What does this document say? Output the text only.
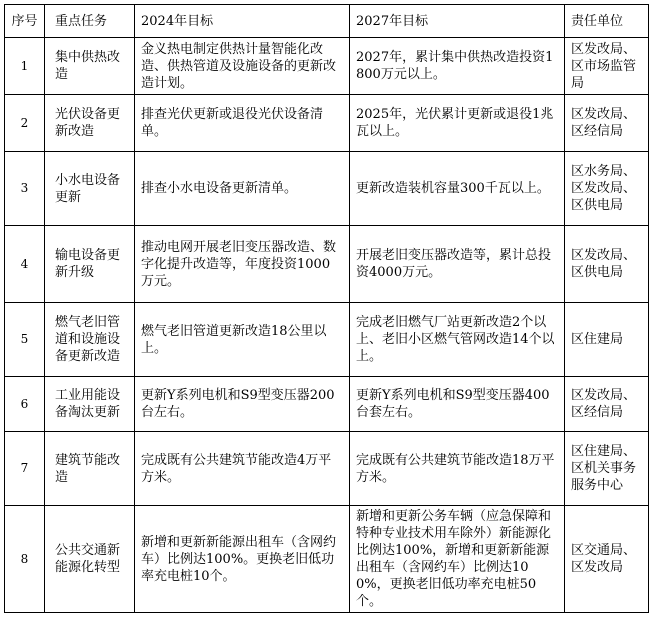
序号	重点任务	2024年目标	2027年目标	责任单位
1	集中供热改造	金义热电制定供热计量智能化改造、供热管道及设施设备的更新改造计划。	2027年，累计集中供热改造投资1800万元以上。	区发改局、区市场监管局
2	光伏设备更新改造	排查光伏更新或退役光伏设备清单。	2025年，光伏累计更新或退役1兆瓦以上。	区发改局、区经信局
3	小水电设备更新	排查小水电设备更新清单。	更新改造装机容量300千瓦以上。	区水务局、区发改局、区供电局
4	输电设备更新升级	推动电网开展老旧变压器改造、数字化提升改造等，年度投资1000万元。	开展老旧变压器改造等，累计总投资4000万元。	区发改局、区供电局
5	燃气老旧管道和设施设备更新改造	燃气老旧管道更新改造18公里以上。	完成老旧燃气厂站更新改造2个以上、老旧小区燃气管网改造14个以上。	区住建局
6	工业用能设备淘汰更新	更新Y系列电机和S9型变压器200台左右。	更新Y系列电机和S9型变压器400台套左右。	区发改局、区经信局
7	建筑节能改造	完成既有公共建筑节能改造4万平方米。	完成既有公共建筑节能改造18万平方米。	区住建局、区机关事务服务中心
8	公共交通新能源化转型	新增和更新新能源出租车（含网约车）比例达100%。更换老旧低功率充电桩10个。	新增和更新公务车辆（应急保障和特种专业技术用车除外）新能源化比例达100%，新增和更新新能源出租车（含网约车）比例达100%，更换老旧低功率充电桩50个。	区交通局、区发改局
